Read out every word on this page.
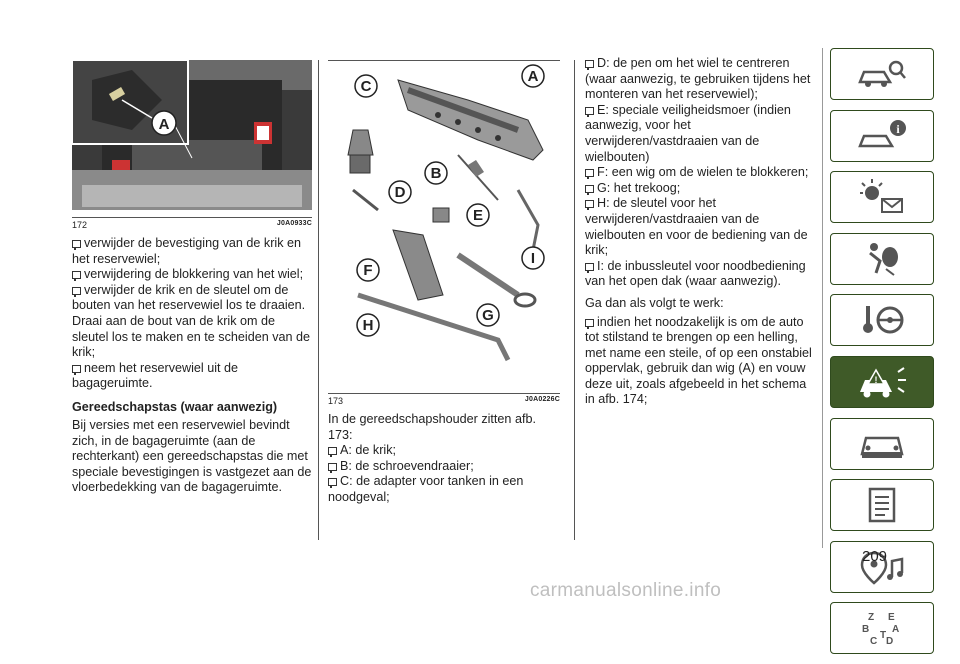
A
172	J0A0933C
verwijder de bevestiging van de krik en het reservewiel;
verwijdering de blokkering van het wiel;
verwijder de krik en de sleutel om de bouten van het reservewiel los te draaien. Draai aan de bout van de krik om de sleutel los te maken en te scheiden van de krik;
neem het reservewiel uit de bagageruimte.
Gereedschapstas (waar aanwezig)

Bij versies met een reservewiel bevindt zich, in de bagageruimte (aan de rechterkant) een gereedschapstas die met speciale bevestigingen is vastgezet aan de vloerbedekking van de bagageruimte.

A
B
C
D
E
F
G
H
I
173	J0A0226C

In de gereedschapshouder zitten afb. 173:

A: de krik;
B: de schroevendraaier;
C: de adapter voor tanken in een noodgeval;
D: de pen om het wiel te centreren (waar aanwezig, te gebruiken tijdens het monteren van het reservewiel);
E: speciale veiligheidsmoer (indien aanwezig, voor het verwijderen/vastdraaien van de wielbouten)
F: een wig om de wielen te blokkeren;
G: het trekoog;
H: de sleutel voor het verwijderen/vastdraaien van de wielbouten en voor de bediening van de krik;
I: de inbussleutel voor noodbediening van het open dak (waar aanwezig).

Ga dan als volgt te werk:

indien het noodzakelijk is om de auto tot stilstand te brengen op een helling, met name een steile, of op een onstabiel oppervlak, gebruik dan wig (A) en vouw deze uit, zoals afgebeeld in het schema in afb. 174;
i
!
Z E
B A
C
T
D
209
carmanualsonline.info
